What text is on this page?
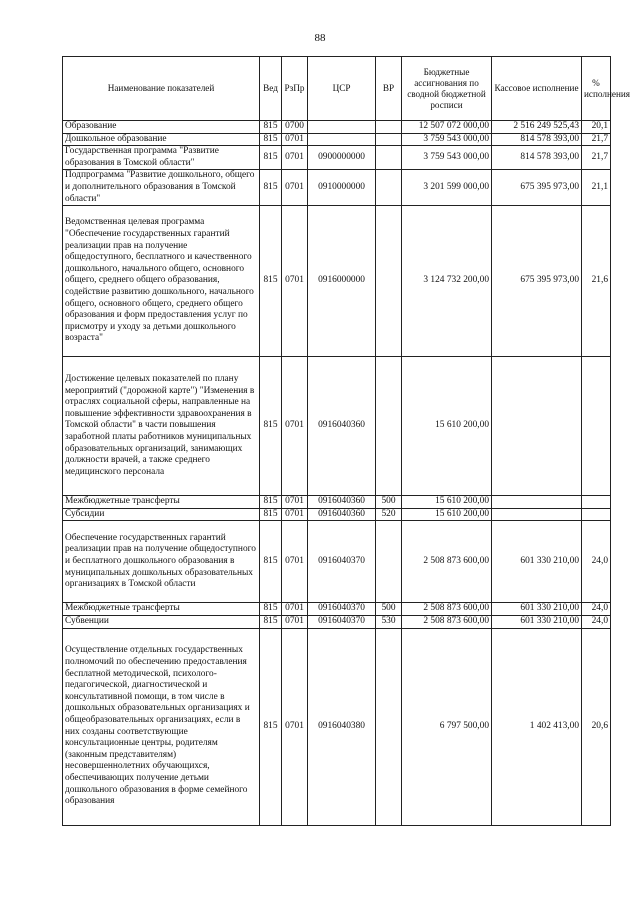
88
Наименование показателей	Вед	РзПр	ЦСР	ВР	Бюджетные ассигнования по сводной бюджетной росписи	Кассовое исполнение	% исполнения
Образование	815	0700			12 507 072 000,00	2 516 249 525,43	20,1
Дошкольное образование	815	0701			3 759 543 000,00	814 578 393,00	21,7
Государственная программа "Развитие образования в Томской области"	815	0701	0900000000		3 759 543 000,00	814 578 393,00	21,7
Подпрограмма "Развитие дошкольного, общего и дополнительного образования в Томской области"	815	0701	0910000000		3 201 599 000,00	675 395 973,00	21,1
Ведомственная целевая программа "Обеспечение государственных гарантий реализации прав на получение общедоступного, бесплатного и качественного дошкольного, начального общего, основного общего, среднего общего образования, содействие развитию дошкольного, начального общего, основного общего, среднего общего образования и форм предоставления услуг по присмотру и уходу за детьми дошкольного возраста"	815	0701	0916000000		3 124 732 200,00	675 395 973,00	21,6
Достижение целевых показателей по плану мероприятий ("дорожной карте") "Изменения в отраслях социальной сферы, направленные на повышение эффективности здравоохранения в Томской области" в части повышения заработной платы работников муниципальных образовательных организаций, занимающих должности врачей, а также среднего медицинского персонала	815	0701	0916040360		15 610 200,00		
Межбюджетные трансферты	815	0701	0916040360	500	15 610 200,00		
Субсидии	815	0701	0916040360	520	15 610 200,00		
Обеспечение государственных гарантий реализации прав на получение общедоступного и бесплатного дошкольного образования в муниципальных дошкольных образовательных организациях в Томской области	815	0701	0916040370		2 508 873 600,00	601 330 210,00	24,0
Межбюджетные трансферты	815	0701	0916040370	500	2 508 873 600,00	601 330 210,00	24,0
Субвенции	815	0701	0916040370	530	2 508 873 600,00	601 330 210,00	24,0
Осуществление отдельных государственных полномочий по обеспечению предоставления бесплатной методической, психолого-педагогической, диагностической и консультативной помощи, в том числе в дошкольных образовательных организациях и общеобразовательных организациях, если в них созданы соответствующие консультационные центры, родителям (законным представителям) несовершеннолетних обучающихся, обеспечивающих получение детьми дошкольного образования в форме семейного образования	815	0701	0916040380		6 797 500,00	1 402 413,00	20,6
